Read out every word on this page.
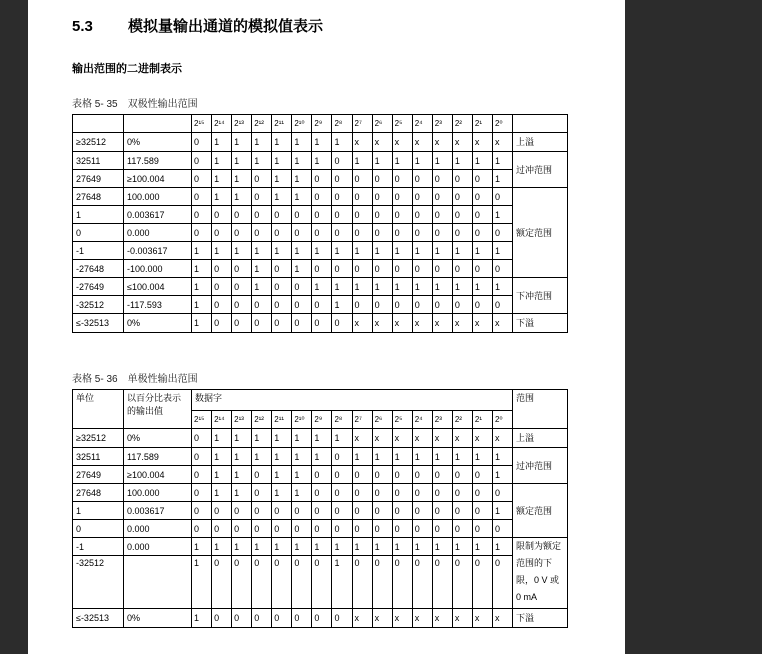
5.3 模拟量输出通道的模拟值表示
输出范围的二进制表示
表格 5- 35 双极性输出范围
		2¹⁵	2¹⁴	2¹³	2¹²	2¹¹	2¹⁰	2⁹	2⁸	2⁷	2⁶	2⁵	2⁴	2³	2²	2¹	2⁰	
≥32512	0%	0	1	1	1	1	1	1	1	x	x	x	x	x	x	x	x	上溢
32511	117.589	0	1	1	1	1	1	1	0	1	1	1	1	1	1	1	1	过冲范围
27649	≥100.004	0	1	1	0	1	1	0	0	0	0	0	0	0	0	0	1	
27648	100.000	0	1	1	0	1	1	0	0	0	0	0	0	0	0	0	0	额定范围
1	0.003617	0	0	0	0	0	0	0	0	0	0	0	0	0	0	0	1	
0	0.000	0	0	0	0	0	0	0	0	0	0	0	0	0	0	0	0	
-1	-0.003617	1	1	1	1	1	1	1	1	1	1	1	1	1	1	1	1	
-27648	-100.000	1	0	0	1	0	1	0	0	0	0	0	0	0	0	0	0	
-27649	≤100.004	1	0	0	1	0	0	1	1	1	1	1	1	1	1	1	1	下冲范围
-32512	-117.593	1	0	0	0	0	0	0	1	0	0	0	0	0	0	0	0	
≤-32513	0%	1	0	0	0	0	0	0	0	x	x	x	x	x	x	x	x	下溢
表格 5- 36 单极性输出范围
单位	以百分比表示的输出值	数据字																范围
		2¹⁵	2¹⁴	2¹³	2¹²	2¹¹	2¹⁰	2⁹	2⁸	2⁷	2⁶	2⁵	2⁴	2³	2²	2¹	2⁰	
≥32512	0%	0	1	1	1	1	1	1	1	x	x	x	x	x	x	x	x	上溢
32511	117.589	0	1	1	1	1	1	1	0	1	1	1	1	1	1	1	1	过冲范围
27649	≥100.004	0	1	1	0	1	1	0	0	0	0	0	0	0	0	0	1	
27648	100.000	0	1	1	0	1	1	0	0	0	0	0	0	0	0	0	0	额定范围
1	0.003617	0	0	0	0	0	0	0	0	0	0	0	0	0	0	0	1	
0	0.000	0	0	0	0	0	0	0	0	0	0	0	0	0	0	0	0	
-1	0.000	1	1	1	1	1	1	1	1	1	1	1	1	1	1	1	1	限制为额定范围的下限，0 V 或 0 mA
-32512		1	0	0	0	0	0	0	1	0	0	0	0	0	0	0	0	
≤-32513	0%	1	0	0	0	0	0	0	0	x	x	x	x	x	x	x	x	下溢
